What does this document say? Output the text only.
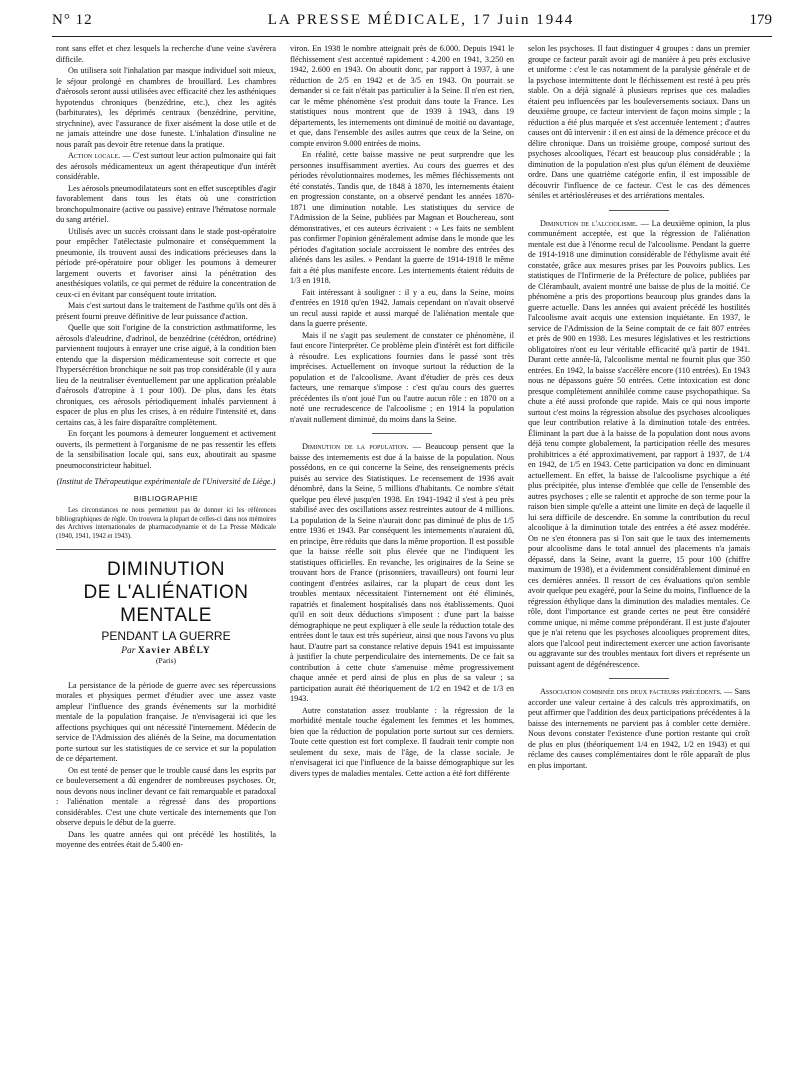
N° 12	LA PRESSE MÉDICALE, 17 Juin 1944	179

ront sans effet et chez lesquels la recherche d'une veine s'avérera difficile.

On utilisera soit l'inhalation par masque individuel soit mieux, le séjour prolongé en chambres de brouillard. Les chambres d'aérosols seront aussi utilisées avec efficacité chez les asthéniques hypotendus chroniques (benzédrine, etc.), chez les agités (barbiturates), les déprimés centraux (benzédrine, pervitine, strychnine), avec l'assurance de fixer aisément la dose utile et de ne jamais atteindre une dose funeste. L'inhalation d'insuline ne nous paraît pas devoir être retenue dans la pratique.

Action locale. — C'est surtout leur action pulmonaire qui fait des aérosols médicamenteux un agent thérapeutique d'un intérêt considérable.

Les aérosols pneumodilatateurs sont en effet susceptibles d'agir favorablement dans tous les états où une constriction bronchopulmonaire (active ou passive) entrave l'hématose normale du sang artériel.

Utilisés avec un succès croissant dans le stade post-opératoire pour empêcher l'atélectasie pulmonaire et conséquemment la pneumonie, ils trouvent aussi des indications précieuses dans la période pré-opératoire pour obliger les poumons à demeurer largement ouverts et favoriser ainsi la pénétration des anesthésiques volatils, ce qui permet de réduire la concentration de ceux-ci en évitant par conséquent toute irritation.

Mais c'est surtout dans le traitement de l'asthme qu'ils ont dès à présent fourni preuve définitive de leur puissance d'action.

Quelle que soit l'origine de la constriction asthmatiforme, les aérosols d'aleudrine, d'adrinol, de benzédrine (cétédron, ortédrine) parviennent toujours à enrayer une crise aiguë, à la condition bien entendu que la dispersion médicamenteuse soit correcte et que l'hypersécrétion bronchique ne soit pas trop considérable (il y aura lieu de la neutraliser éventuellement par une application préalable d'aérosols d'atropine à 1 pour 100). De plus, dans les états chroniques, ces aérosols périodiquement inhalés parviennent à espacer de plus en plus les crises, à en réduire l'intensité et, dans certains cas, à les faire disparaître complètement.

En forçant les poumons à demeurer longuement et activement ouverts, ils permettent à l'organisme de ne pas ressentir les effets de la sensibilisation locale qui, sans eux, aboutirait au spasme pneumoconstricteur habituel.

(Institut de Thérapeutique expérimentale de l'Université de Liège.)

BIBLIOGRAPHIE

Les circonstances ne nous permettent pas de donner ici les références bibliographiques de règle. On trouvera la plupart de celles-ci dans nos mémoires des Archives internationales de pharmacodynamie et de La Presse Médicale (1940, 1941, 1942 et 1943).

DIMINUTION
DE L'ALIÉNATION MENTALE
PENDANT LA GUERRE
Par Xavier ABÉLY
(Paris)

La persistance de la période de guerre avec ses répercussions morales et physiques permet d'étudier avec une assez vaste ampleur l'influence des grands événements sur la morbidité mentale de la population française. Je n'envisagerai ici que les affections psychiques qui ont nécessité l'internement. Médecin de service de l'Admission des aliénés de la Seine, ma documentation porte surtout sur les statistiques de ce service et sur la population de ce département.

On est tenté de penser que le trouble causé dans les esprits par ce bouleversement a dû engendrer de nombreuses psychoses. Or, nous devons nous incliner devant ce fait remarquable et paradoxal : l'aliénation mentale a régressé dans des proportions considérables. C'est une chute verticale des internements que l'on observe depuis le début de la guerre.

Dans les quatre années qui ont précédé les hostilités, la moyenne des entrées était de 5.400 en-

viron. En 1938 le nombre atteignait près de 6.000. Depuis 1941 le fléchissement s'est accentué rapidement : 4.200 en 1941, 3.250 en 1942, 2.600 en 1943. On aboutit donc, par rapport à 1937, à une réduction de 2/5 en 1942 et de 3/5 en 1943. On pourrait se demander si ce fait n'était pas particulier à la Seine. Il n'en est rien, car le même phénomène s'est produit dans toute la France. Les statistiques nous montrent que de 1939 à 1943, dans 19 départements, les internements ont diminué de moitié ou davantage, et que, dans l'ensemble des asiles autres que ceux de la Seine, on compte environ 9.000 entrées de moins.

En réalité, cette baisse massive ne peut surprendre que les personnes insuffisamment averties. Au cours des guerres et des périodes révolutionnaires modernes, les mêmes fléchissements ont été constatés. Tandis que, de 1848 à 1870, les internements étaient en progression constante, on a observé pendant les années 1870-1871 une diminution notable. Les statistiques du service de l'Admission de la Seine, publiées par Magnan et Bouchereau, sont démonstratives, et ces auteurs écrivaient : « Les faits ne semblent pas confirmer l'opinion généralement admise dans le monde que les périodes d'agitation sociale accroissent le nombre des entrées des aliénés dans les asiles. » Pendant la guerre de 1914-1918 le même fait a été plus manifeste encore. Les internements étaient réduits de 1/3 en 1918.

Fait intéressant à souligner : il y a eu, dans la Seine, moins d'entrées en 1918 qu'en 1942. Jamais cependant on n'avait observé un recul aussi rapide et aussi marqué de l'aliénation mentale que dans la guerre présente.

Mais il ne s'agit pas seulement de constater ce phénomène, il faut encore l'interpréter. Ce problème plein d'intérêt est fort difficile à résoudre. Les explications fournies dans le passé sont très imprécises. Actuellement on invoque surtout la réduction de la population et de l'alcoolisme. Avant d'étudier de près ces deux facteurs, une remarque s'impose : c'est qu'au cours des guerres précédentes ils n'ont joué l'un ou l'autre aucun rôle : en 1870 on a noté une recrudescence de l'alcoolisme ; en 1914 la population n'avait nullement diminué, du moins dans la Seine.

Diminution de la population. — Beaucoup pensent que la baisse des internements est due à la baisse de la population. Nous possédons, en ce qui concerne la Seine, des renseignements précis puisés au service des Statistiques. Le recensement de 1936 avait dénombré, dans la Seine, 5 millions d'habitants. Ce nombre s'était quelque peu élevé jusqu'en 1938. En 1941-1942 il s'est à peu près stabilisé avec des oscillations assez restreintes autour de 4 millions. La population de la Seine n'aurait donc pas diminué de plus de 1/5 entre 1936 et 1943. Par conséquent les internements n'auraient dû, en principe, être réduits que dans la même proportion. Il est possible que la baisse réelle soit plus élevée que ne l'indiquent les statistiques officielles. En revanche, les originaires de la Seine se trouvant hors de France (prisonniers, travailleurs) ont fourni leur contingent d'entrées asilaires, car la plupart de ceux dont les troubles mentaux nécessitaient l'internement ont été éliminés, rapatriés et finalement hospitalisés dans nos établissements. Quoi qu'il en soit deux déductions s'imposent : d'une part la baisse démographique ne peut expliquer à elle seule la réduction totale des entrées dont le taux est très supérieur, ainsi que nous l'avons vu plus haut. D'autre part sa constance relative depuis 1941 est impuissante à justifier la chute perpendiculaire des internements. De ce fait sa contribution à cette chute s'amenuise même progressivement chaque année et perd ainsi de plus en plus de sa valeur ; sa participation aurait été théoriquement de 1/2 en 1942 et de 1/3 en 1943.

Autre constatation assez troublante : la régression de la morbidité mentale touche également les femmes et les hommes, bien que la réduction de population porte surtout sur ces derniers. Toute cette question est fort complexe. Il faudrait tenir compte non seulement du sexe, mais de l'âge, de la classe sociale. Je n'envisagerai ici que l'influence de la baisse démographique sur les divers types de maladies mentales. Cette action a été fort différente

selon les psychoses. Il faut distinguer 4 groupes : dans un premier groupe ce facteur paraît avoir agi de manière à peu près exclusive et uniforme : c'est le cas notamment de la paralysie générale et de la psychose intermittente dont le fléchissement est resté à peu près stable. On a déjà signalé à plusieurs reprises que ces maladies étaient peu influencées par les bouleversements sociaux. Dans un deuxième groupe, ce facteur intervient de façon moins simple ; la réduction a été plus marquée et s'est accentuée lentement ; d'autres causes ont dû intervenir : il en est ainsi de la démence précoce et du délire chronique. Dans un troisième groupe, composé surtout des psychoses alcooliques, l'écart est beaucoup plus considérable ; la diminution de la population n'est plus qu'un élément de deuxième ordre. Dans une quatrième catégorie enfin, il est impossible de découvrir l'influence de ce facteur. C'est le cas des démences séniles et artériosléreuses et des arriérations mentales.

Diminution de l'alcoolisme. — La deuxième opinion, la plus communément acceptée, est que la régression de l'aliénation mentale est due à l'énorme recul de l'alcoolisme. Pendant la guerre de 1914-1918 une diminution considérable de l'éthylisme avait été constatée, grâce aux mesures prises par les Pouvoirs publics. Les statistiques de l'Infirmerie de la Préfecture de police, publiées par de Clérambault, avaient montré une baisse de plus de la moitié. Ce phénomène a pris des proportions beaucoup plus grandes dans la guerre actuelle. Dans les années qui avaient précédé les hostilités l'alcoolisme avait acquis une extension inquiétante. En 1937, le service de l'Admission de la Seine comptait de ce fait 807 entrées et près de 900 en 1938. Les mesures législatives et les restrictions obligatoires n'ont eu leur véritable efficacité qu'à partir de 1941. Durant cette année-là, l'alcoolisme mental ne fournit plus que 350 entrées. En 1942, la baisse s'accélère encore (110 entrées). En 1943 nous ne dépassons guère 50 entrées. Cette intoxication est donc presque complètement annihilée comme cause psychopathique. Sa chute a été aussi profonde que rapide. Mais ce qui nous importe surtout c'est moins la régression absolue des psychoses alcooliques que leur contribution relative à la diminution totale des entrées. Éliminant la part due à la baisse de la population dont nous avons déjà tenu compte globalement, la participation réelle des mesures prohibitrices a été approximativement, par rapport à 1937, de 1/4 en 1942, de 1/5 en 1943. Cette participation va donc en diminuant actuellement. En effet, la baisse de l'alcoolisme psychique a été plus précipitée, plus intense d'emblée que celle de l'ensemble des autres psychoses ; elle se ralentit et approche de son terme pour la raison bien simple qu'elle a atteint une limite en deçà de laquelle il lui sera difficile de descendre. En somme la contribution du recul alcoolique à la diminution totale des entrées a été assez modérée. On ne s'en étonnera pas si l'on sait que le taux des internements pour alcoolisme dans le total annuel des placements n'a jamais dépassé, dans la Seine, avant la guerre, 15 pour 100 (chiffre maximum de 1938), et a évidemment considérablement diminué en ces dernières années. Il ressort de ces évaluations qu'on semble avoir quelque peu exagéré, pour la Seine du moins, l'influence de la régression éthylique dans la diminution des maladies mentales. Ce rôle, dont l'importance est grande certes ne peut être considéré comme unique, ni même comme prépondérant. Il est juste d'ajouter que je n'ai retenu que les psychoses alcooliques proprement dites, alors que l'alcool peut indirectement exercer une action favorisante ou aggravante sur des troubles mentaux fort divers et représente un puissant agent de dégénérescence.

Association combinée des deux facteurs précédents. — Sans accorder une valeur certaine à des calculs très approximatifs, on peut affirmer que l'addition des deux participations précédentes à la baisse des internements ne parvient pas à combler cette dernière. Nous devons constater l'existence d'une portion restante qui croît de plus en plus (théoriquement 1/4 en 1942, 1/2 en 1943) et qui réclame des causes complémentaires dont le rôle apparaît de plus en plus important.
